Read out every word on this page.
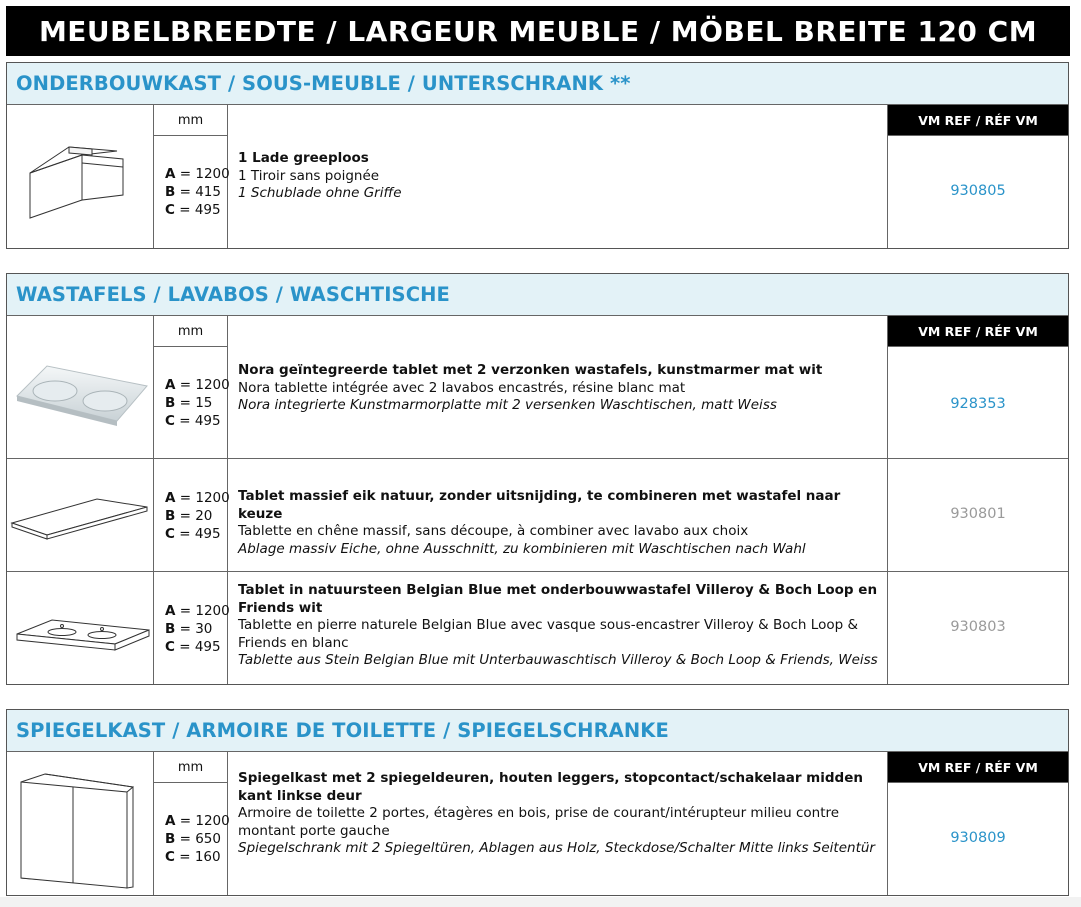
MEUBELBREEDTE / LARGEUR MEUBLE / MÖBEL BREITE 120 CM
ONDERBOUWKAST / SOUS-MEUBLE / UNTERSCHRANK **
mm
A = 1200
B = 415
C = 495
1 Lade greeploos
1 Tiroir sans poignée
1 Schublade ohne Griffe
VM REF / RÉF VM
930805
WASTAFELS / LAVABOS / WASCHTISCHE
mm
A = 1200
B = 15
C = 495
Nora geïntegreerde tablet met 2 verzonken wastafels, kunstmarmer mat wit
Nora tablette intégrée avec 2 lavabos encastrés, résine blanc mat
Nora integrierte Kunstmarmorplatte mit 2 versenken Waschtischen, matt Weiss
VM REF / RÉF VM
928353
A = 1200
B = 20
C = 495
Tablet massief eik natuur, zonder uitsnijding, te combineren met wastafel naar keuze
Tablette en chêne massif, sans découpe, à combiner avec lavabo aux choix
Ablage massiv Eiche, ohne Ausschnitt, zu kombinieren mit Waschtischen nach Wahl
930801
A = 1200
B = 30
C = 495
Tablet in natuursteen Belgian Blue met onderbouwwastafel Villeroy & Boch Loop en Friends wit
Tablette en pierre naturele Belgian Blue avec vasque sous-encastrer Villeroy & Boch Loop & Friends en blanc
Tablette aus Stein Belgian Blue mit Unterbauwaschtisch Villeroy & Boch Loop & Friends, Weiss
930803
SPIEGELKAST / ARMOIRE DE TOILETTE / SPIEGELSCHRANKE
mm
A = 1200
B = 650
C = 160
Spiegelkast met 2 spiegeldeuren, houten leggers, stopcontact/schakelaar midden kant linkse deur
Armoire de toilette 2 portes, étagères en bois, prise de courant/intérupteur milieu contre montant porte gauche
Spiegelschrank mit 2 Spiegeltüren, Ablagen aus Holz, Steckdose/Schalter Mitte links Seitentür
VM REF / RÉF VM
930809
